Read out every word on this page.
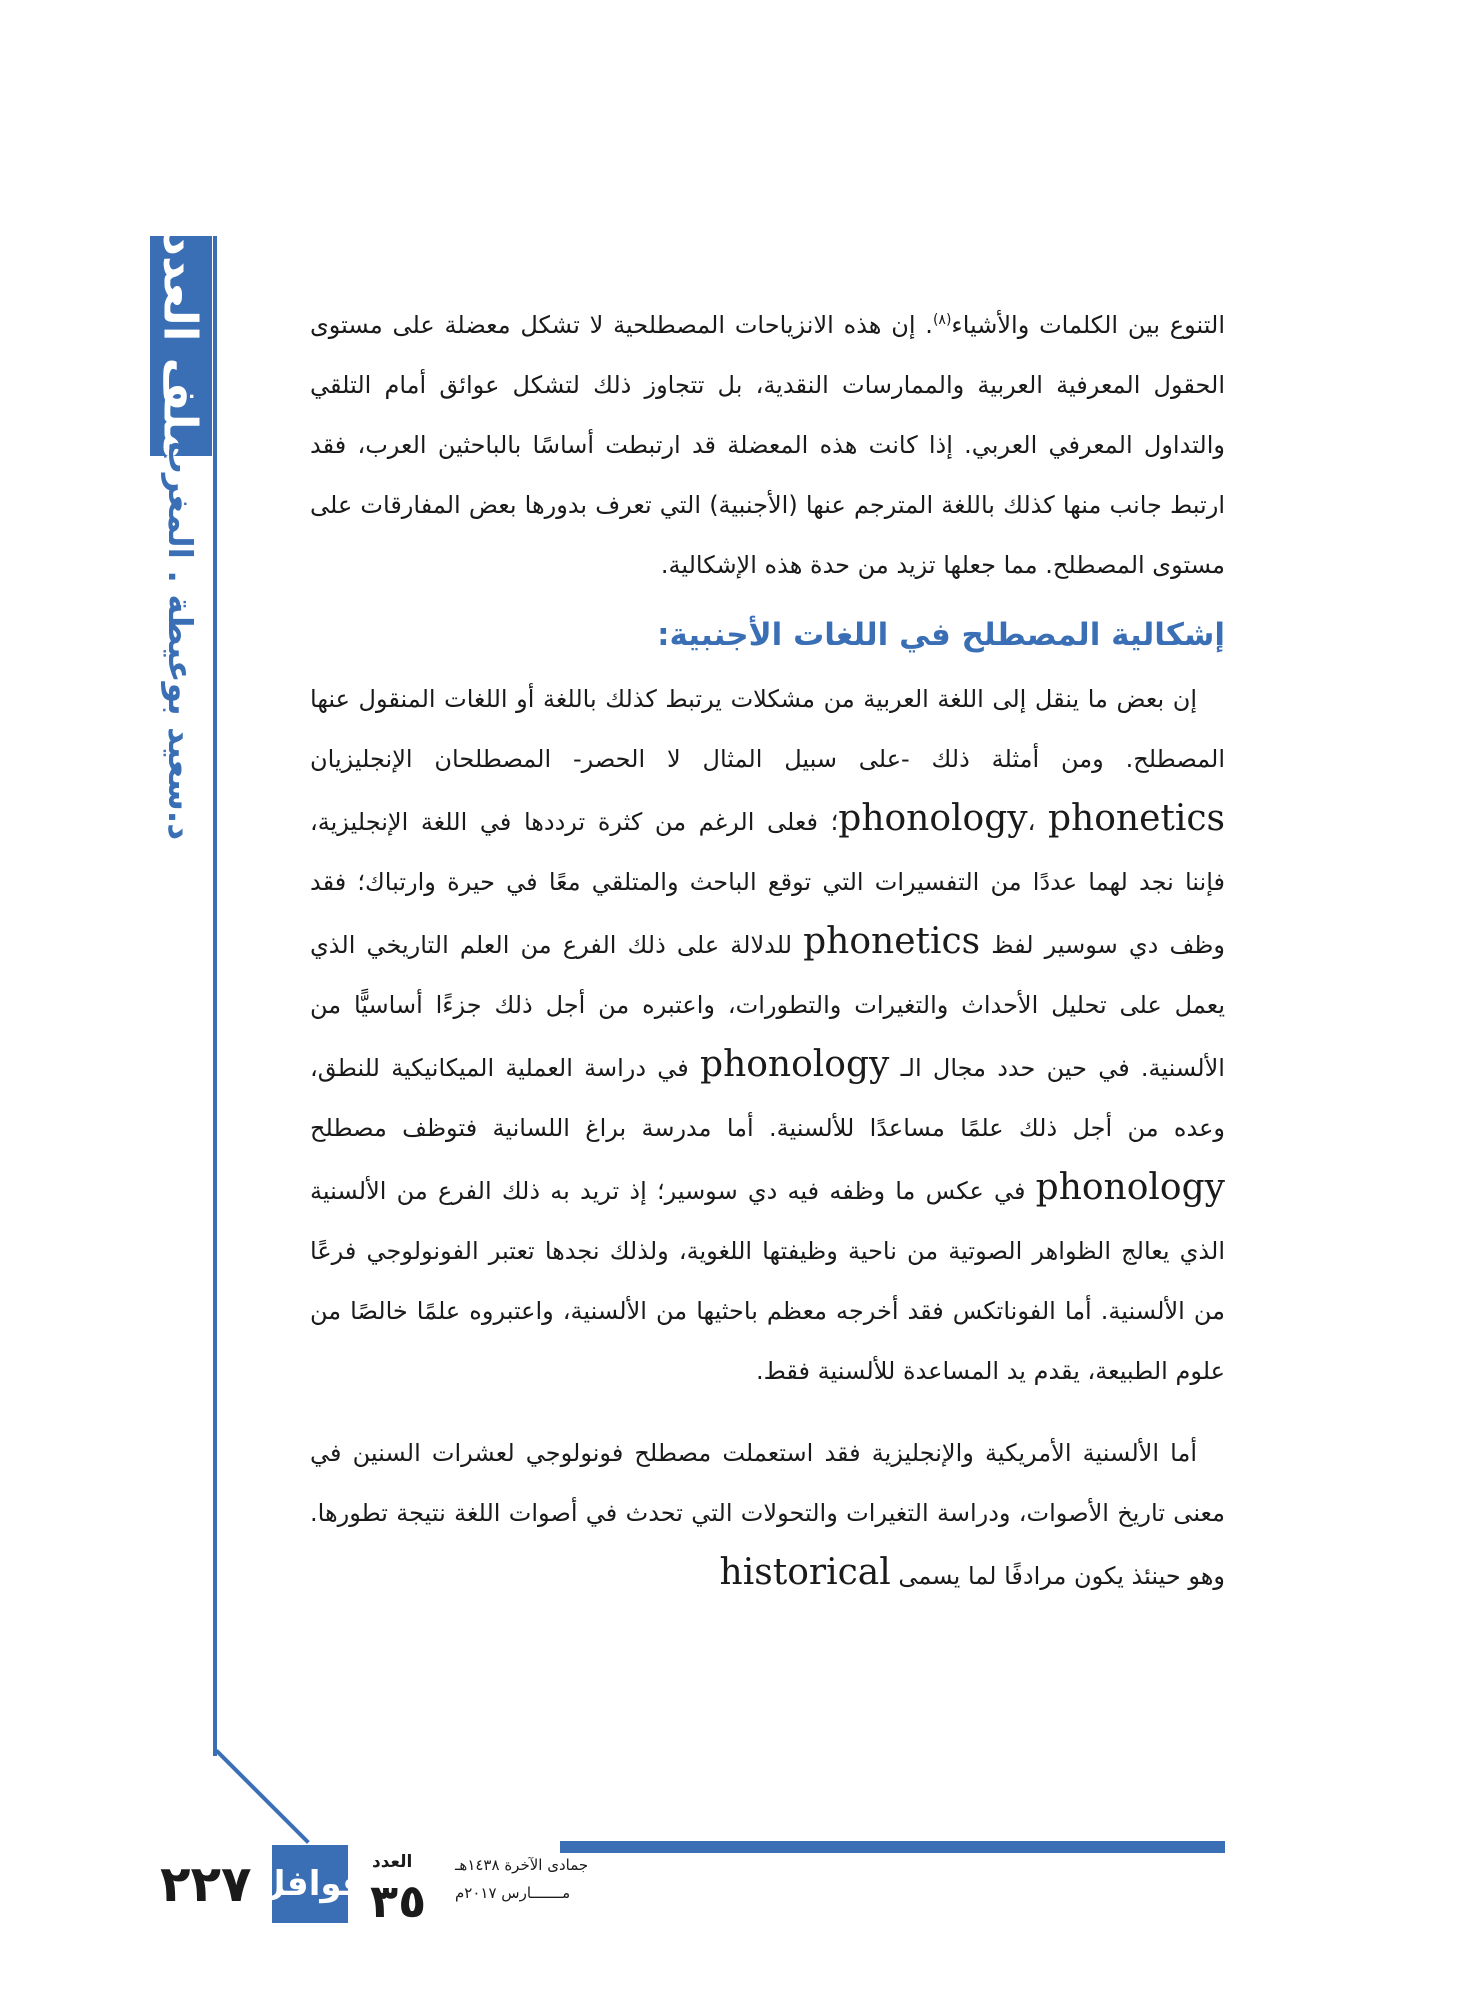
ملف العدد
د.سعيد بوعيطة . المغرب

التنوع بين الكلمات والأشياء$^{(٨)}$. إن هذه الانزياحات المصطلحية لا تشكل معضلة على مستوى الحقول المعرفية العربية والممارسات النقدية، بل تتجاوز ذلك لتشكل عوائق أمام التلقي والتداول المعرفي العربي. إذا كانت هذه المعضلة قد ارتبطت أساسًا بالباحثين العرب، فقد ارتبط جانب منها كذلك باللغة المترجم عنها (الأجنبية) التي تعرف بدورها بعض المفارقات على مستوى المصطلح. مما جعلها تزيد من حدة هذه الإشكالية.

إشكالية المصطلح في اللغات الأجنبية:

إن بعض ما ينقل إلى اللغة العربية من مشكلات يرتبط كذلك باللغة أو اللغات المنقول عنها المصطلح. ومن أمثلة ذلك -على سبيل المثال لا الحصر- المصطلحان الإنجليزيان phonology، phonetics؛ فعلى الرغم من كثرة ترددها في اللغة الإنجليزية، فإننا نجد لهما عددًا من التفسيرات التي توقع الباحث والمتلقي معًا في حيرة وارتباك؛ فقد وظف دي سوسير لفظ phonetics للدلالة على ذلك الفرع من العلم التاريخي الذي يعمل على تحليل الأحداث والتغيرات والتطورات، واعتبره من أجل ذلك جزءًا أساسيًّا من الألسنية. في حين حدد مجال الـ phonology في دراسة العملية الميكانيكية للنطق، وعده من أجل ذلك علمًا مساعدًا للألسنية. أما مدرسة براغ اللسانية فتوظف مصطلح phonology في عكس ما وظفه فيه دي سوسير؛ إذ تريد به ذلك الفرع من الألسنية الذي يعالج الظواهر الصوتية من ناحية وظيفتها اللغوية، ولذلك نجدها تعتبر الفونولوجي فرعًا من الألسنية. أما الفوناتكس فقد أخرجه معظم باحثيها من الألسنية، واعتبروه علمًا خالصًا من علوم الطبيعة، يقدم يد المساعدة للألسنية فقط.

أما الألسنية الأمريكية والإنجليزية فقد استعملت مصطلح فونولوجي لعشرات السنين في معنى تاريخ الأصوات، ودراسة التغيرات والتحولات التي تحدث في أصوات اللغة نتيجة تطورها. وهو حينئذ يكون مرادفًا لما يسمى historical

٢٢٧ قوافل
العدد
٣٥
جمادى الآخرة ١٤٣٨هـ
مـــــــارس ٢٠١٧م
